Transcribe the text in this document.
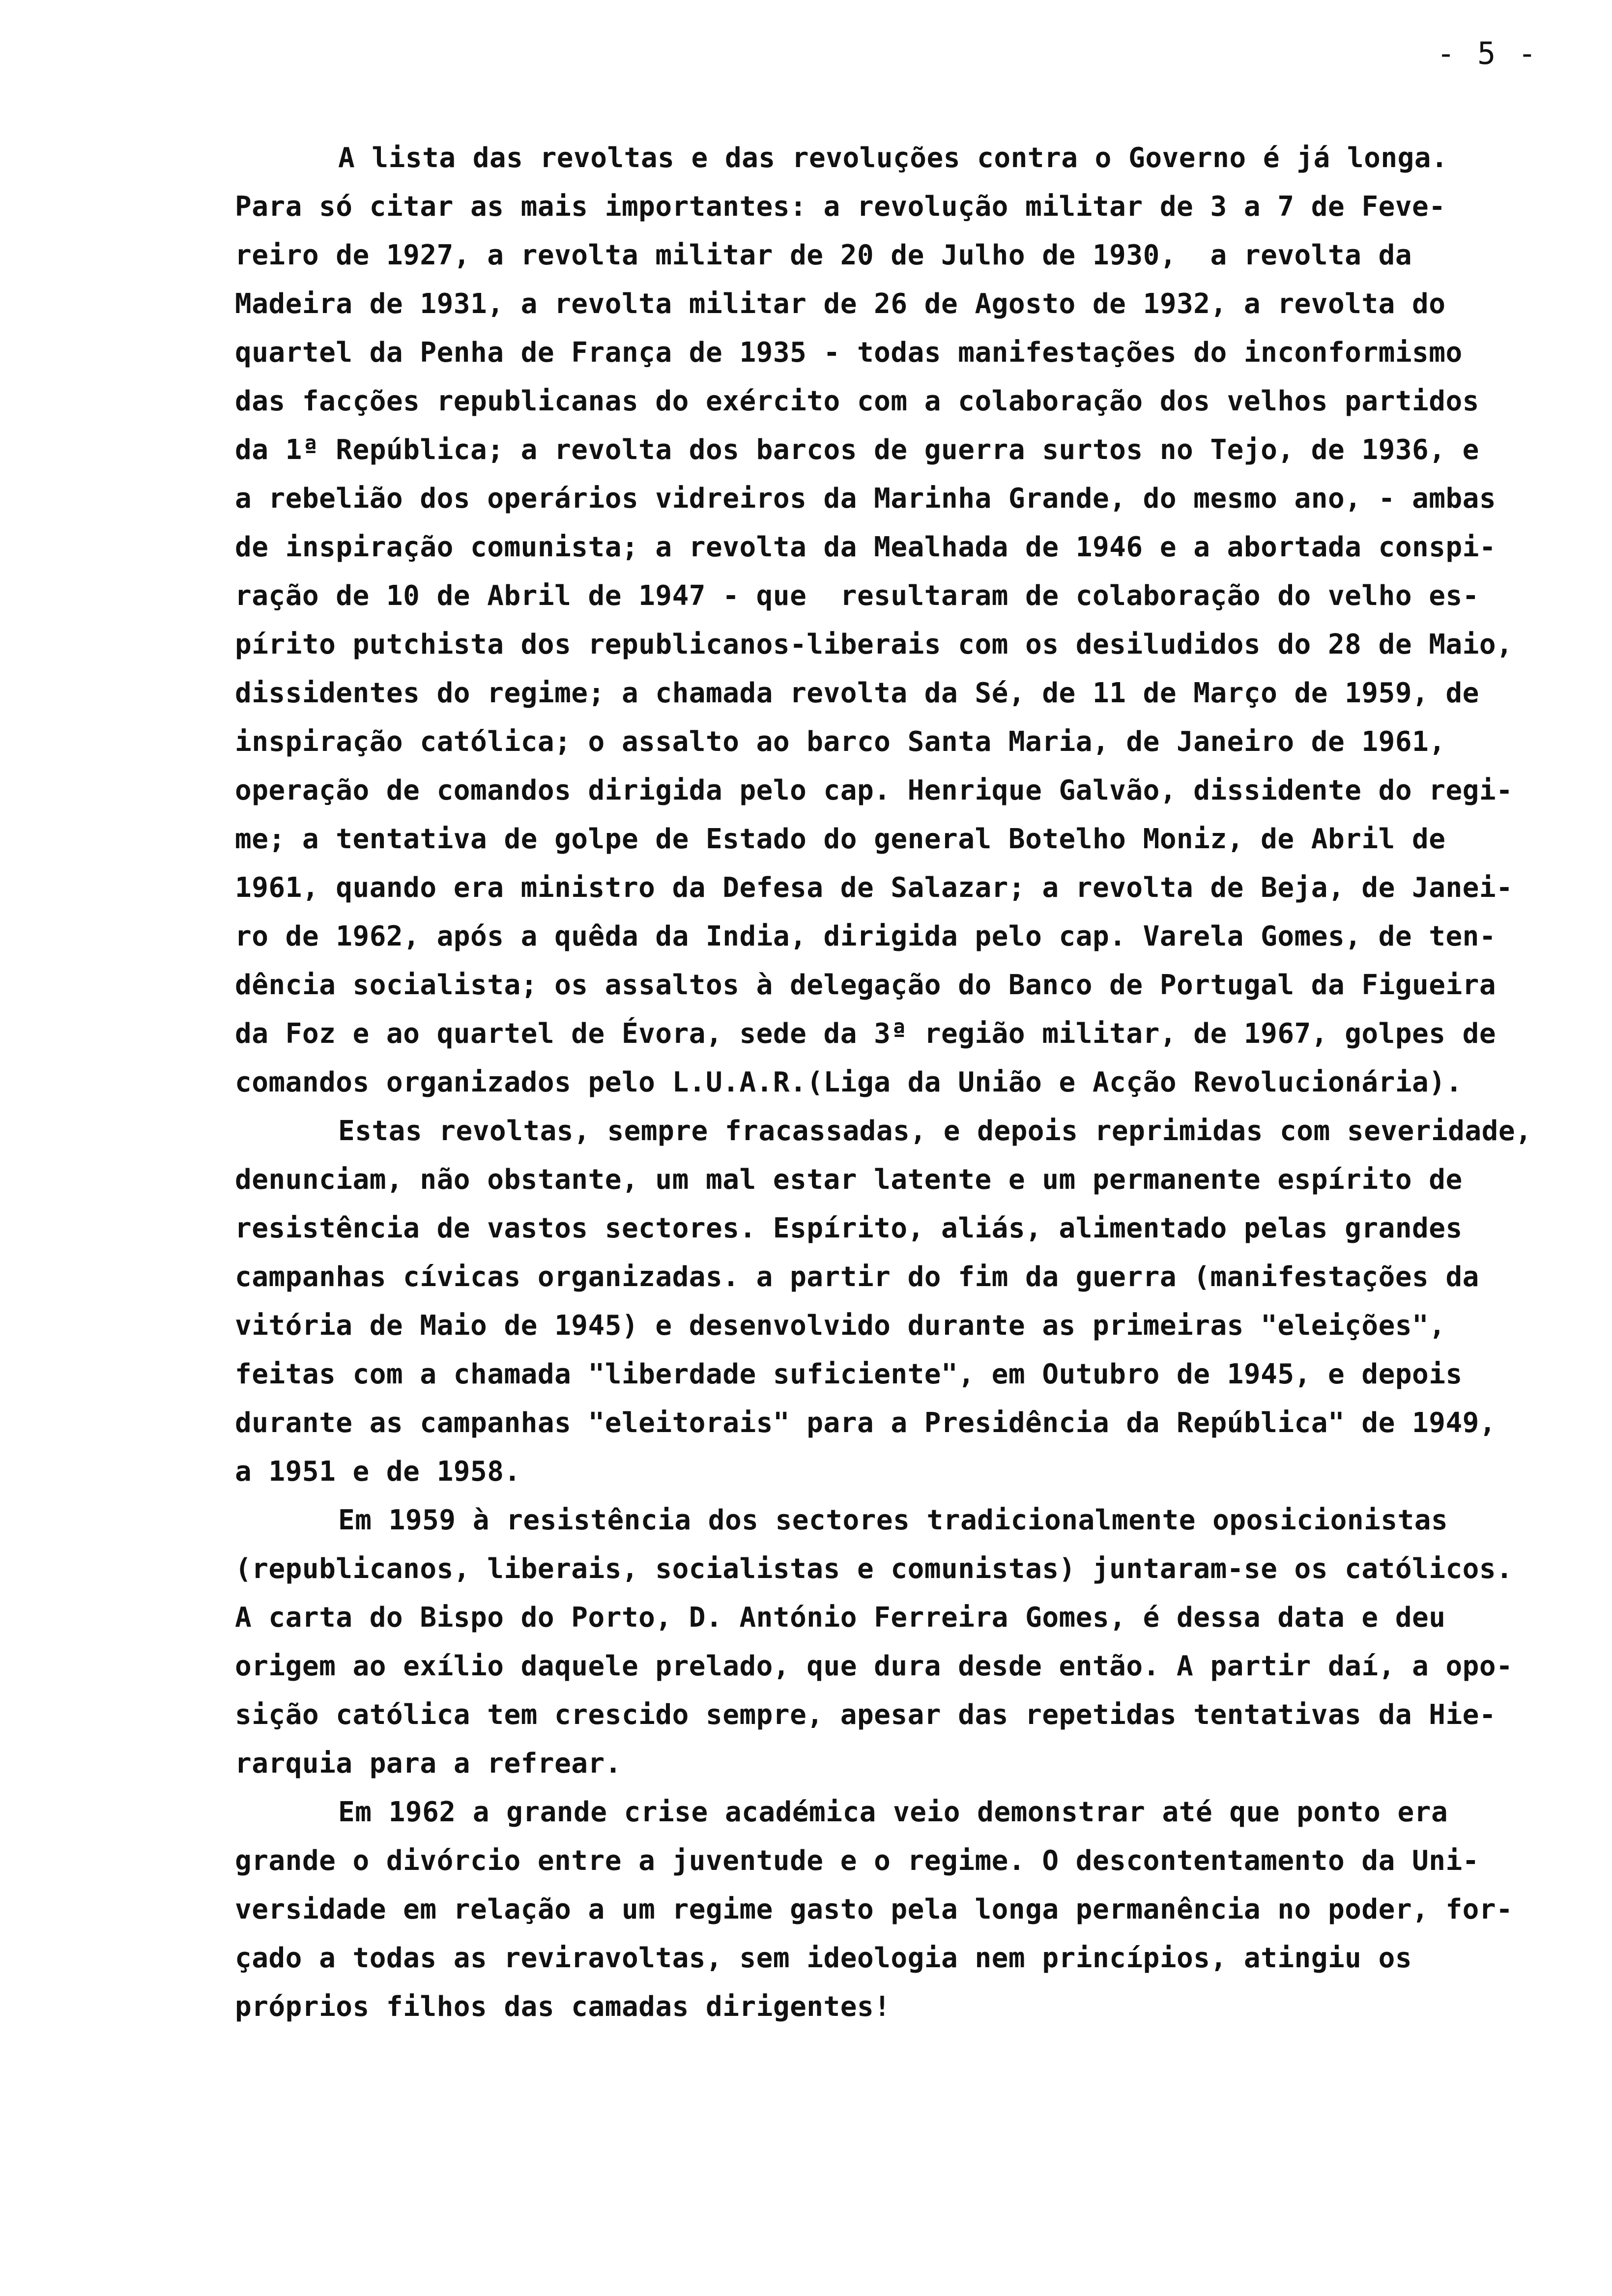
- 5 -
A lista das revoltas e das revoluções contra o Governo é já longa.
Para só citar as mais importantes: a revolução militar de 3 a 7 de Feve-
reiro de 1927, a revolta militar de 20 de Julho de 1930,  a revolta da
Madeira de 1931, a revolta militar de 26 de Agosto de 1932, a revolta do
quartel da Penha de França de 1935 - todas manifestações do inconformismo
das facções republicanas do exército com a colaboração dos velhos partidos
da 1ª República; a revolta dos barcos de guerra surtos no Tejo, de 1936, e
a rebelião dos operários vidreiros da Marinha Grande, do mesmo ano, - ambas
de inspiração comunista; a revolta da Mealhada de 1946 e a abortada conspi-
ração de 10 de Abril de 1947 - que  resultaram de colaboração do velho es-
pírito putchista dos republicanos-liberais com os desiludidos do 28 de Maio,
dissidentes do regime; a chamada revolta da Sé, de 11 de Março de 1959, de
inspiração católica; o assalto ao barco Santa Maria, de Janeiro de 1961,
operação de comandos dirigida pelo cap. Henrique Galvão, dissidente do regi-
me; a tentativa de golpe de Estado do general Botelho Moniz, de Abril de
1961, quando era ministro da Defesa de Salazar; a revolta de Beja, de Janei-
ro de 1962, após a quêda da India, dirigida pelo cap. Varela Gomes, de ten-
dência socialista; os assaltos à delegação do Banco de Portugal da Figueira
da Foz e ao quartel de Évora, sede da 3ª região militar, de 1967, golpes de
comandos organizados pelo L.U.A.R.(Liga da União e Acção Revolucionária).
Estas revoltas, sempre fracassadas, e depois reprimidas com severidade,
denunciam, não obstante, um mal estar latente e um permanente espírito de
resistência de vastos sectores. Espírito, aliás, alimentado pelas grandes
campanhas cívicas organizadas. a partir do fim da guerra (manifestações da
vitória de Maio de 1945) e desenvolvido durante as primeiras "eleições",
feitas com a chamada "liberdade suficiente", em Outubro de 1945, e depois
durante as campanhas "eleitorais" para a Presidência da República" de 1949,
a 1951 e de 1958.
Em 1959 à resistência dos sectores tradicionalmente oposicionistas
(republicanos, liberais, socialistas e comunistas) juntaram-se os católicos.
A carta do Bispo do Porto, D. António Ferreira Gomes, é dessa data e deu
origem ao exílio daquele prelado, que dura desde então. A partir daí, a opo-
sição católica tem crescido sempre, apesar das repetidas tentativas da Hie-
rarquia para a refrear.
Em 1962 a grande crise académica veio demonstrar até que ponto era
grande o divórcio entre a juventude e o regime. O descontentamento da Uni-
versidade em relação a um regime gasto pela longa permanência no poder, for-
çado a todas as reviravoltas, sem ideologia nem princípios, atingiu os
próprios filhos das camadas dirigentes!
